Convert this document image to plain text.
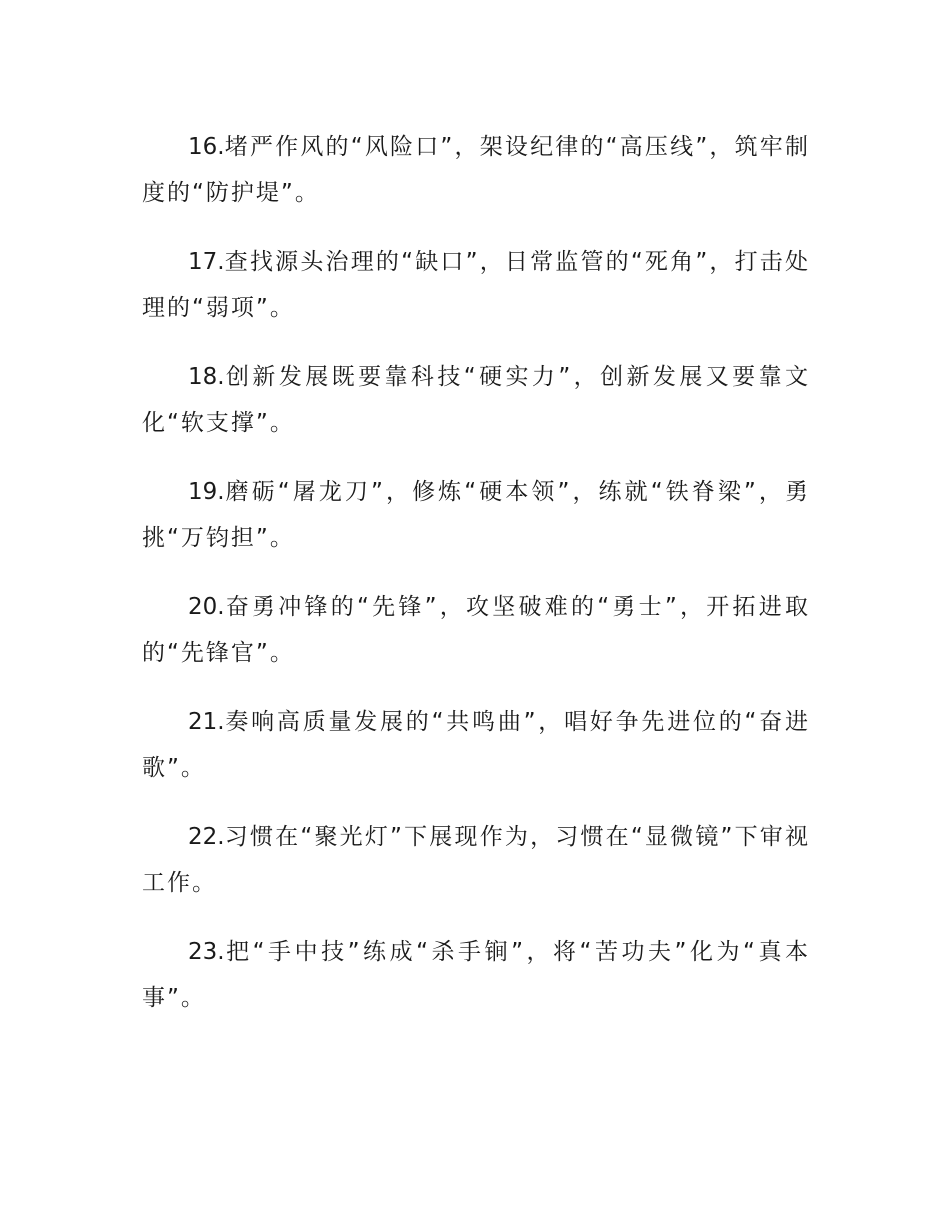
16.堵严作风的“风险口”，架设纪律的“高压线”，筑牢制度的“防护堤”。

17.查找源头治理的“缺口”，日常监管的“死角”，打击处理的“弱项”。

18.创新发展既要靠科技“硬实力”，创新发展又要靠文化“软支撑”。

19.磨砺“屠龙刀”，修炼“硬本领”，练就“铁脊梁”，勇挑“万钧担”。

20.奋勇冲锋的“先锋”，攻坚破难的“勇士”，开拓进取的“先锋官”。

21.奏响高质量发展的“共鸣曲”，唱好争先进位的“奋进歌”。

22.习惯在“聚光灯”下展现作为，习惯在“显微镜”下审视工作。

23.把“手中技”练成“杀手锏”，将“苦功夫”化为“真本事”。
